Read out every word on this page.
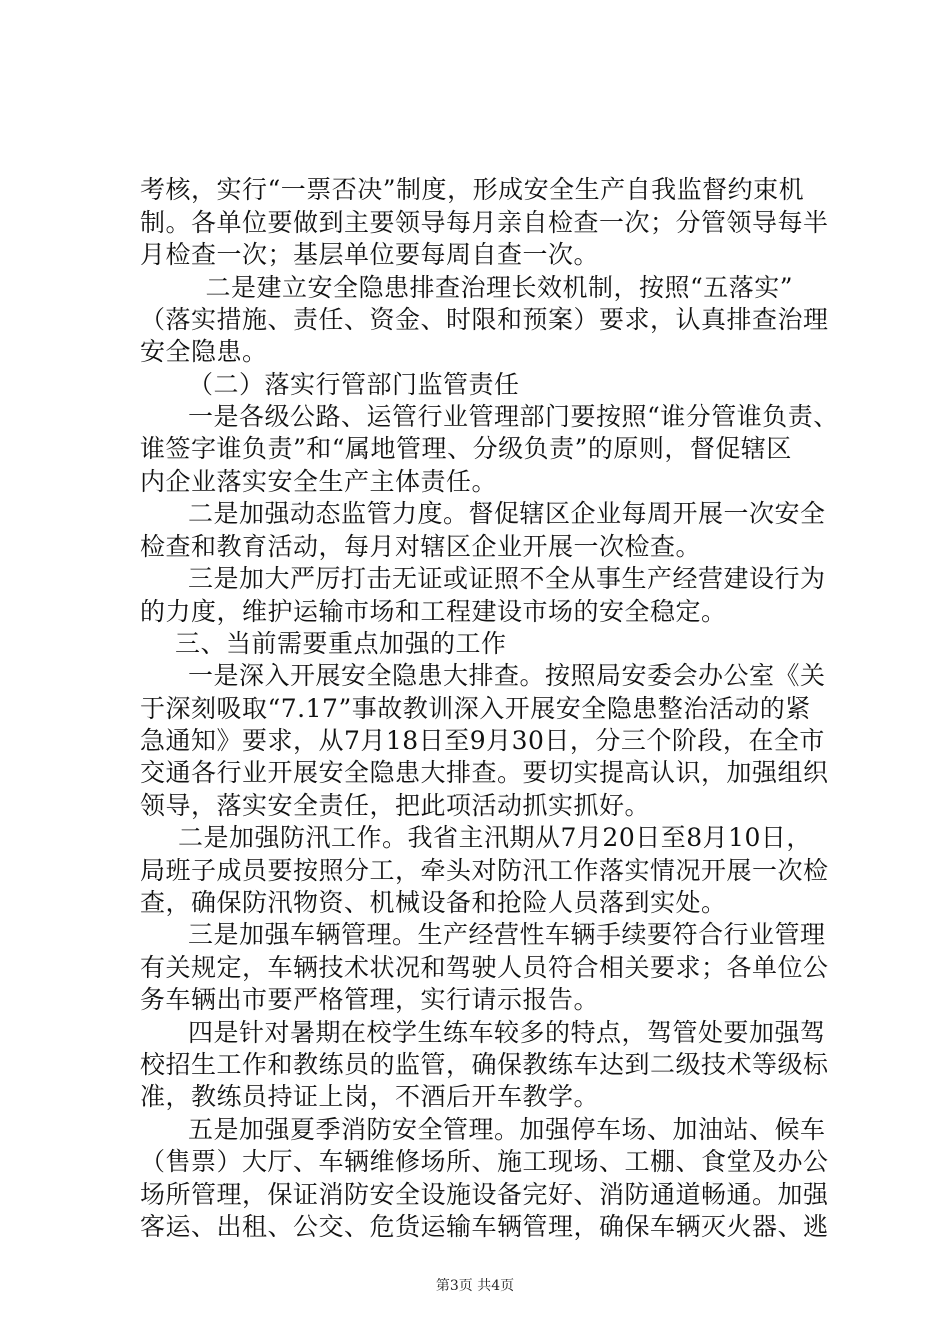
考核，实行“一票否决”制度，形成安全生产自我监督约束机
制。各单位要做到主要领导每月亲自检查一次；分管领导每半
月检查一次；基层单位要每周自查一次。
　二是建立安全隐患排查治理长效机制，按照“五落实”
（落实措施、责任、资金、时限和预案）要求，认真排查治理
安全隐患。
　（二）落实行管部门监管责任
一是各级公路、运管行业管理部门要按照“谁分管谁负责、
谁签字谁负责”和“属地管理、分级负责”的原则，督促辖区
内企业落实安全生产主体责任。
二是加强动态监管力度。督促辖区企业每周开展一次安全
检查和教育活动，每月对辖区企业开展一次检查。
三是加大严厉打击无证或证照不全从事生产经营建设行为
的力度，维护运输市场和工程建设市场的安全稳定。
三、当前需要重点加强的工作
一是深入开展安全隐患大排查。按照局安委会办公室《关
于深刻吸取“7.17”事故教训深入开展安全隐患整治活动的紧
急通知》要求，从7月18日至9月30日，分三个阶段，在全市
交通各行业开展安全隐患大排查。要切实提高认识，加强组织
领导，落实安全责任，把此项活动抓实抓好。
二是加强防汛工作。我省主汛期从7月20日至8月10日，
局班子成员要按照分工，牵头对防汛工作落实情况开展一次检
查，确保防汛物资、机械设备和抢险人员落到实处。
三是加强车辆管理。生产经营性车辆手续要符合行业管理
有关规定，车辆技术状况和驾驶人员符合相关要求；各单位公
务车辆出市要严格管理，实行请示报告。
四是针对暑期在校学生练车较多的特点，驾管处要加强驾
校招生工作和教练员的监管，确保教练车达到二级技术等级标
准，教练员持证上岗，不酒后开车教学。
五是加强夏季消防安全管理。加强停车场、加油站、候车
（售票）大厅、车辆维修场所、施工现场、工棚、食堂及办公
场所管理，保证消防安全设施设备完好、消防通道畅通。加强
客运、出租、公交、危货运输车辆管理，确保车辆灭火器、逃
第3页 共4页
